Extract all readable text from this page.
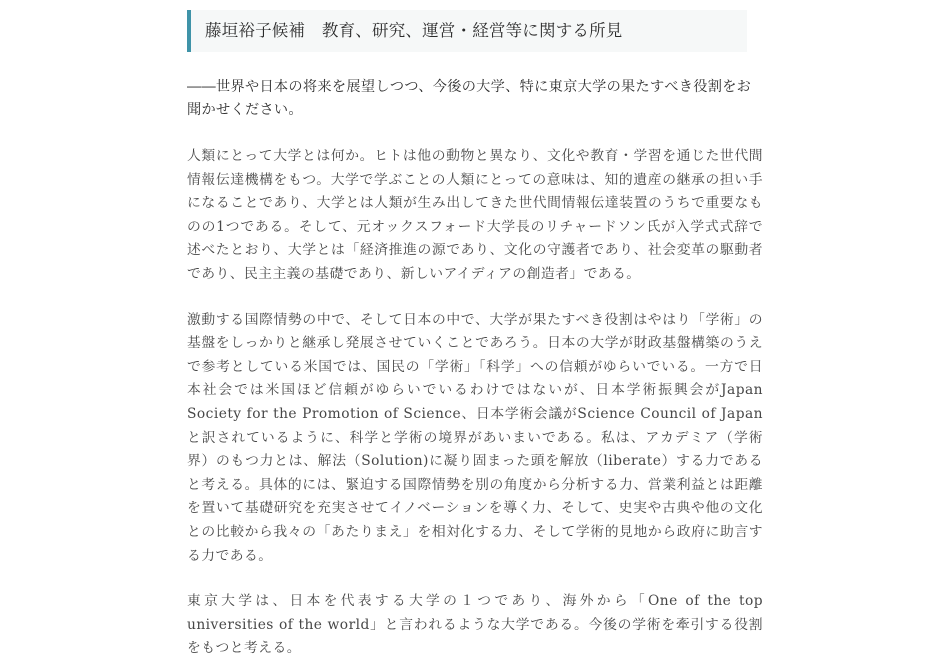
藤垣裕子候補　教育、研究、運営・経営等に関する所見
――世界や日本の将来を展望しつつ、今後の大学、特に東京大学の果たすべき役割をお聞かせください。
人類にとって大学とは何か。ヒトは他の動物と異なり、文化や教育・学習を通じた世代間情報伝達機構をもつ。大学で学ぶことの人類にとっての意味は、知的遺産の継承の担い手になることであり、大学とは人類が生み出してきた世代間情報伝達装置のうちで重要なものの1つである。そして、元オックスフォード大学長のリチャードソン氏が入学式式辞で述べたとおり、大学とは「経済推進の源であり、文化の守護者であり、社会変革の駆動者であり、民主主義の基礎であり、新しいアイディアの創造者」である。
激動する国際情勢の中で、そして日本の中で、大学が果たすべき役割はやはり「学術」の基盤をしっかりと継承し発展させていくことであろう。日本の大学が財政基盤構築のうえで参考としている米国では、国民の「学術」「科学」への信頼がゆらいでいる。一方で日本社会では米国ほど信頼がゆらいでいるわけではないが、日本学術振興会がJapan Society for the Promotion of Science、日本学術会議がScience Council of Japanと訳されているように、科学と学術の境界があいまいである。私は、アカデミア（学術界）のもつ力とは、解法（Solution)に凝り固まった頭を解放（liberate）する力であると考える。具体的には、緊迫する国際情勢を別の角度から分析する力、営業利益とは距離を置いて基礎研究を充実させてイノベーションを導く力、そして、史実や古典や他の文化との比較から我々の「あたりまえ」を相対化する力、そして学術的見地から政府に助言する力である。
東京大学は、日本を代表する大学の１つであり、海外から「One of the top universities of the world」と言われるような大学である。今後の学術を牽引する役割をもつと考える。
